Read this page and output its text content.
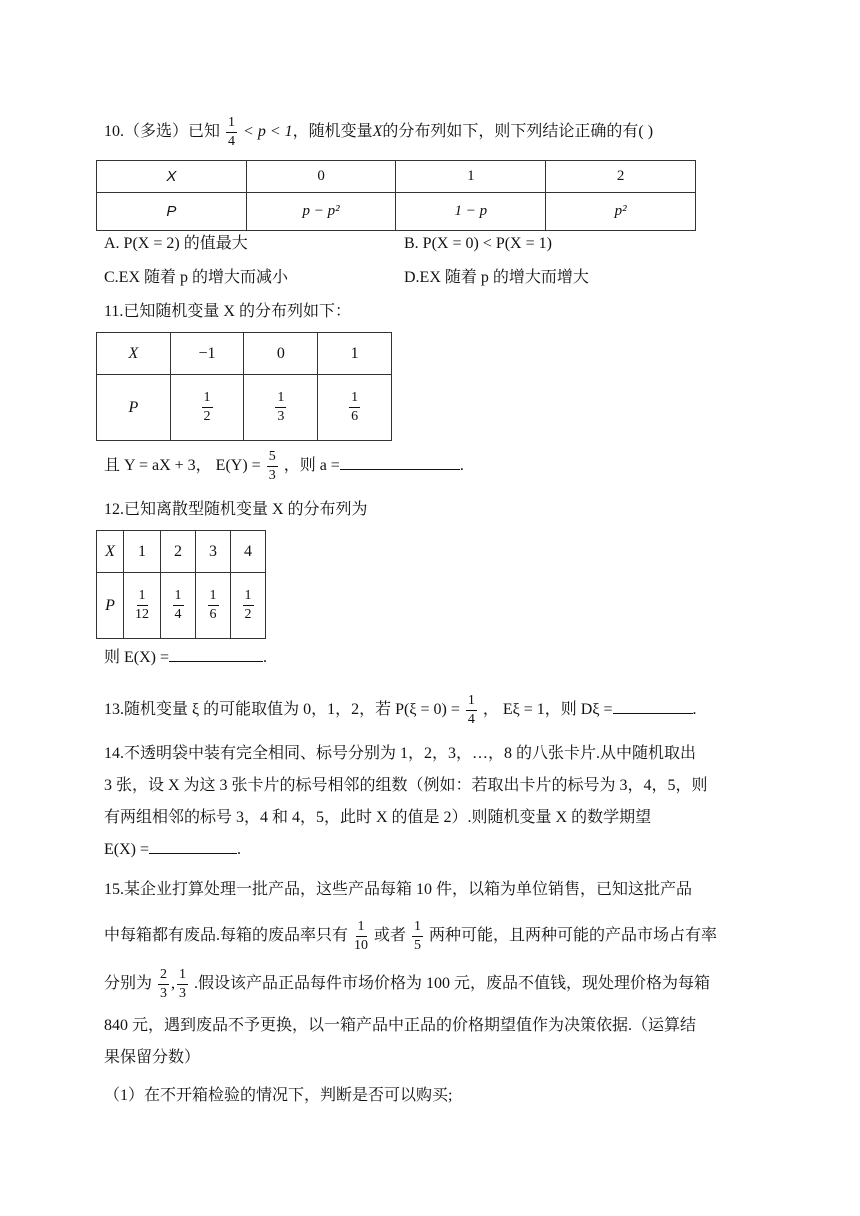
10.（多选）已知 $\frac{1}{4} < p < 1$，随机变量X的分布列如下，则下列结论正确的有( )
X	0	1	2
P	p − p²	1 − p	p²
A. P(X = 2) 的值最大	B. P(X = 0) < P(X = 1)
C.EX 随着 p 的增大而减小	D.EX 随着 p 的增大而增大
11.已知随机变量 X 的分布列如下：
X	−1	0	1
P	$\frac{1}{2}$	$\frac{1}{3}$	$\frac{1}{6}$
且 Y = aX + 3， $E(Y) = \frac{5}{3}$ ，则 a =	.
12.已知离散型随机变量 X 的分布列为
X	1	2	3	4
P	$\frac{1}{12}$	$\frac{1}{4}$	$\frac{1}{6}$	$\frac{1}{2}$
则 E(X) =	.
13.随机变量 ξ 的可能取值为 0，1，2，若 $P(\xi = 0) = \frac{1}{4}$ ， Eξ = 1，则 Dξ =	.
14.不透明袋中装有完全相同、标号分别为 1，2，3，…，8 的八张卡片.从中随机取出
3 张，设 X 为这 3 张卡片的标号相邻的组数（例如：若取出卡片的标号为 3，4，5，则
有两组相邻的标号 3，4 和 4，5，此时 X 的值是 2）.则随机变量 X 的数学期望
E(X) =	.
15.某企业打算处理一批产品，这些产品每箱 10 件，以箱为单位销售，已知这批产品
中每箱都有废品.每箱的废品率只有 $\frac{1}{10}$ 或者 $\frac{1}{5}$ 两种可能，且两种可能的产品市场占有率
分别为 $\frac{2}{3}$ , $\frac{1}{3}$ .假设该产品正品每件市场价格为 100 元，废品不值钱，现处理价格为每箱
840 元，遇到废品不予更换，以一箱产品中正品的价格期望值作为决策依据.（运算结
果保留分数）
（1）在不开箱检验的情况下，判断是否可以购买;
